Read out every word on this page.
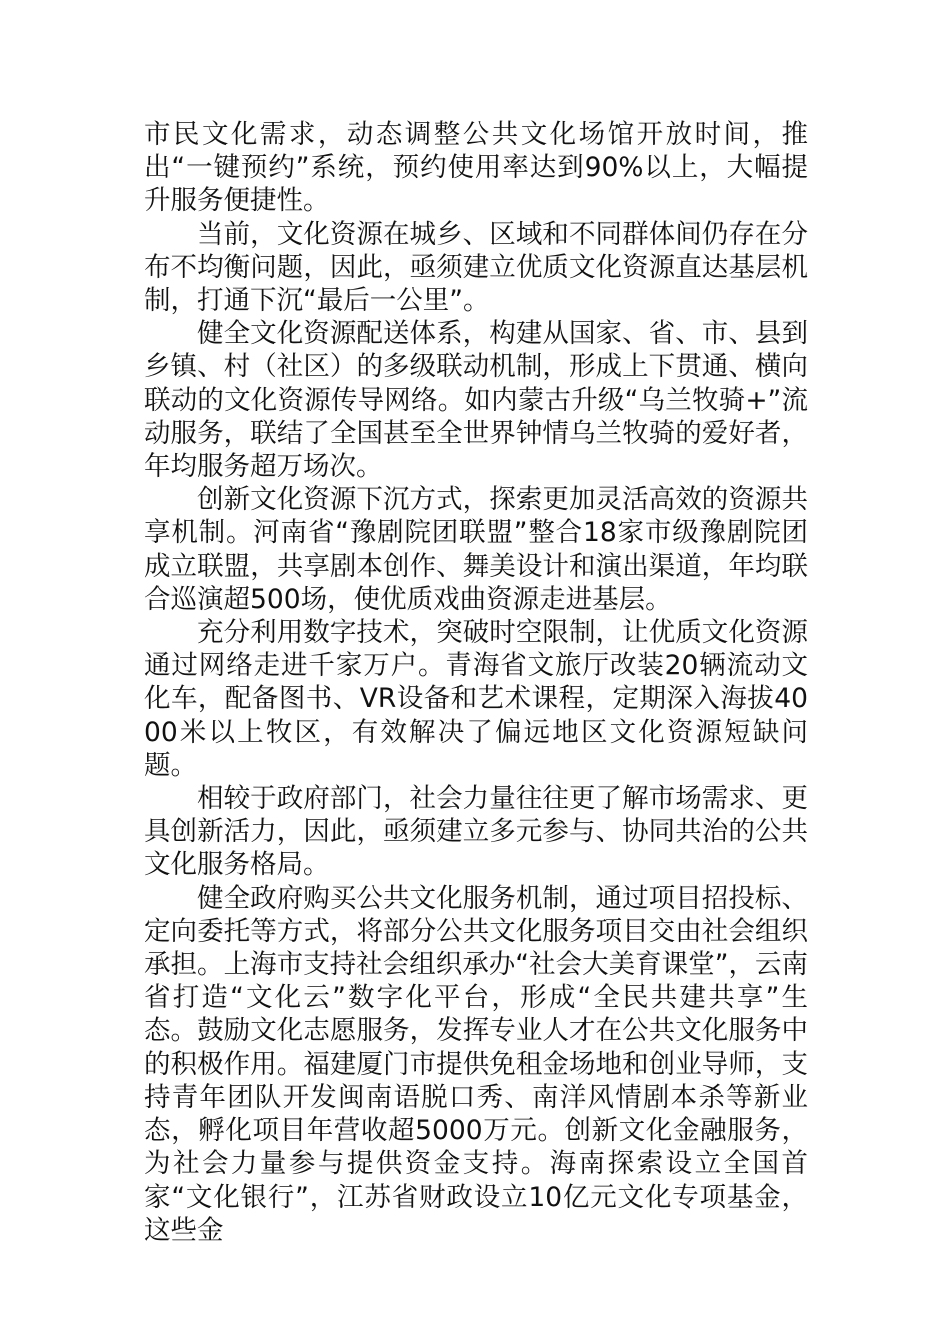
市民文化需求，动态调整公共文化场馆开放时间，推出“一键预约”系统，预约使用率达到90%以上，大幅提升服务便捷性。

当前，文化资源在城乡、区域和不同群体间仍存在分布不均衡问题，因此，亟须建立优质文化资源直达基层机制，打通下沉“最后一公里”。

健全文化资源配送体系，构建从国家、省、市、县到乡镇、村（社区）的多级联动机制，形成上下贯通、横向联动的文化资源传导网络。如内蒙古升级“乌兰牧骑+”流动服务，联结了全国甚至全世界钟情乌兰牧骑的爱好者，年均服务超万场次。

创新文化资源下沉方式，探索更加灵活高效的资源共享机制。河南省“豫剧院团联盟”整合18家市级豫剧院团成立联盟，共享剧本创作、舞美设计和演出渠道，年均联合巡演超500场，使优质戏曲资源走进基层。

充分利用数字技术，突破时空限制，让优质文化资源通过网络走进千家万户。青海省文旅厅改装20辆流动文化车，配备图书、VR设备和艺术课程，定期深入海拔4000米以上牧区，有效解决了偏远地区文化资源短缺问题。

相较于政府部门，社会力量往往更了解市场需求、更具创新活力，因此，亟须建立多元参与、协同共治的公共文化服务格局。

健全政府购买公共文化服务机制，通过项目招投标、定向委托等方式，将部分公共文化服务项目交由社会组织承担。上海市支持社会组织承办“社会大美育课堂”，云南省打造“文化云”数字化平台，形成“全民共建共享”生态。鼓励文化志愿服务，发挥专业人才在公共文化服务中的积极作用。福建厦门市提供免租金场地和创业导师，支持青年团队开发闽南语脱口秀、南洋风情剧本杀等新业态，孵化项目年营收超5000万元。创新文化金融服务，为社会力量参与提供资金支持。海南探索设立全国首家“文化银行”，江苏省财政设立10亿元文化专项基金，这些金
